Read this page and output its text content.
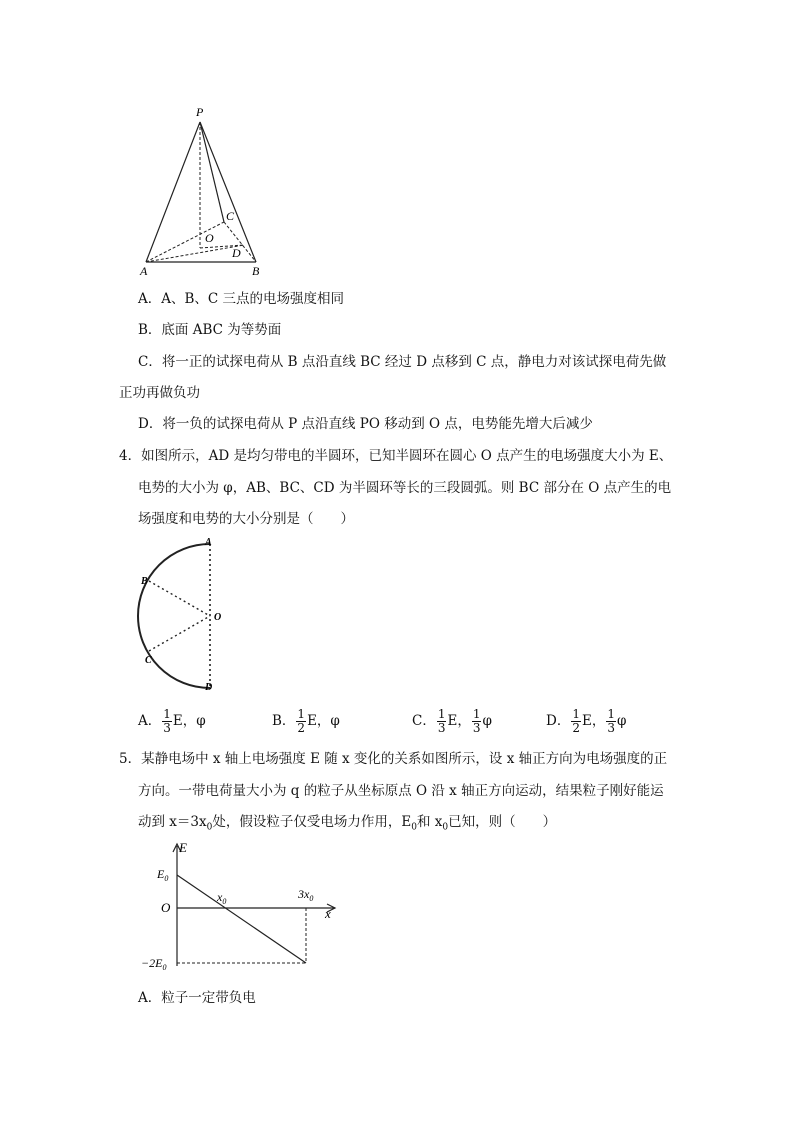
P
C
O
D
A	B
A．A、B、C 三点的电场强度相同
B．底面 ABC 为等势面
C．将一正的试探电荷从 B 点沿直线 BC 经过 D 点移到 C 点，静电力对该试探电荷先做
正功再做负功
D．将一负的试探电荷从 P 点沿直线 PO 移动到 O 点，电势能先增大后减少
4．如图所示，AD 是均匀带电的半圆环，已知半圆环在圆心 O 点产生的电场强度大小为 E、
电势的大小为 φ，AB、BC、CD 为半圆环等长的三段圆弧。则 BC 部分在 O 点产生的电
场强度和电势的大小分别是（　　）
A
B
O
C
D
A． $\frac{1}{3}$ E，φ	B． $\frac{1}{2}$ E，φ	C． $\frac{1}{3}$ E， $\frac{1}{3}$ φ	D． $\frac{1}{2}$ E， $\frac{1}{3}$ φ
5．某静电场中 x 轴上电场强度 E 随 x 变化的关系如图所示，设 x 轴正方向为电场强度的正
方向。一带电荷量大小为 q 的粒子从坐标原点 O 沿 x 轴正方向运动，结果粒子刚好能运
动到 $x=3x_0$处，假设粒子仅受电场力作用，$E_0$和 $x_0$已知，则（　　）
E
$E_0$
O
$x_0$
$3x_0$
x
$-2E_0$
A．粒子一定带负电
